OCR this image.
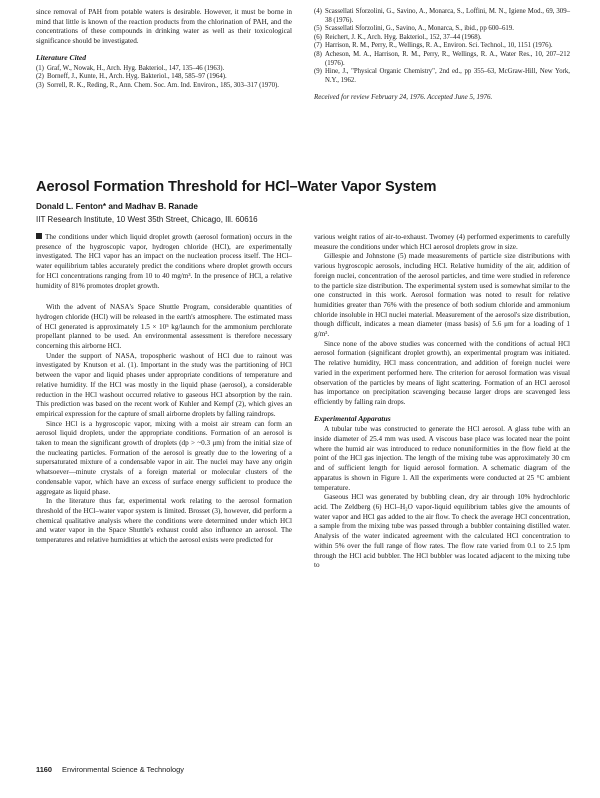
since removal of PAH from potable waters is desirable. However, it must be borne in mind that little is known of the reaction products from the chlorination of PAH, and the concentrations of these compounds in drinking water as well as their toxicological significance should be investigated.

Literature Cited
(1) Graf, W., Nowak, H., Arch. Hyg. Bakteriol., 147, 135–46 (1963).
(2) Borneff, J., Kunte, H., Arch. Hyg. Bakteriol., 148, 585–97 (1964).
(3) Sorrell, R. K., Reding, R., Ann. Chem. Soc. Am. Ind. Environ., 185, 303–317 (1970).
(4) Scassellati Sforzolini, G., Savino, A., Monarca, S., Loffini, M. N., Igiene Mod., 69, 309–38 (1976).
(5) Scassellati Sforzolini, G., Savino, A., Monarca, S., ibid., pp 600–619.
(6) Reichert, J. K., Arch. Hyg. Bakteriol., 152, 37–44 (1968).
(7) Harrison, R. M., Perry, R., Wellings, R. A., Environ. Sci. Technol., 10, 1151 (1976).
(8) Acheson, M. A., Harrison, R. M., Perry, R., Wellings, R. A., Water Res., 10, 207–212 (1976).
(9) Hine, J., "Physical Organic Chemistry", 2nd ed., pp 355–63, McGraw-Hill, New York, N.Y., 1962.
Received for review February 24, 1976. Accepted June 5, 1976.
Aerosol Formation Threshold for HCl–Water Vapor System
Donald L. Fenton* and Madhav B. Ranade
IIT Research Institute, 10 West 35th Street, Chicago, Ill. 60616

The conditions under which liquid droplet growth (aerosol formation) occurs in the presence of the hygroscopic vapor, hydrogen chloride (HCl), are experimentally investigated. The HCl vapor has an impact on the nucleation process itself. The HCl–water equilibrium tables accurately predict the conditions where droplet growth occurs for HCl concentrations ranging from 10 to 40 mg/m³. In the presence of HCl, a relative humidity of 81% promotes droplet growth.

With the advent of NASA's Space Shuttle Program, considerable quantities of hydrogen chloride (HCl) will be released in the earth's atmosphere. The estimated mass of HCl generated is approximately 1.5 × 10⁵ kg/launch for the ammonium perchlorate propellant planned to be used. An environmental assessment is therefore necessary concerning this airborne HCl.

Under the support of NASA, tropospheric washout of HCl due to rainout was investigated by Knutson et al. (1). Important in the study was the partitioning of HCl between the vapor and liquid phases under appropriate conditions of temperature and relative humidity. If the HCl was mostly in the liquid phase (aerosol), a considerable reduction in the HCl washout occurred relative to gaseous HCl absorption by the rain. This prediction was based on the recent work of Kuhler and Kempf (2), which gives an empirical expression for the capture of small airborne droplets by falling raindrops.

Since HCl is a hygroscopic vapor, mixing with a moist air stream can form an aerosol liquid droplets, under the appropriate conditions. Formation of an aerosol is taken to mean the significant growth of droplets (dp > ~0.3 μm) from the initial size of the nucleating particles. Formation of the aerosol is greatly due to the lowering of a supersaturated mixture of a condensable vapor in air. The nuclei may have any origin whatsoever—minute crystals of a foreign material or molecular clusters of the condensable vapor, which have an excess of surface energy sufficient to produce the aggregate as liquid phase.

In the literature thus far, experimental work relating to the aerosol formation threshold of the HCl–water vapor system is limited. Brosset (3), however, did perform a chemical qualitative analysis where the conditions were determined under which HCl and water vapor in the Space Shuttle's exhaust could also influence an aerosol. The temperatures and relative humidities at which the aerosol exists were predicted for

various weight ratios of air-to-exhaust. Twomey (4) performed experiments to carefully measure the conditions under which HCl aerosol droplets grow in size.

Gillespie and Johnstone (5) made measurements of particle size distributions with various hygroscopic aerosols, including HCl. Relative humidity of the air, addition of foreign nuclei, concentration of the aerosol particles, and time were studied in reference to the particle size distribution. The experimental system used is somewhat similar to the one constructed in this work. Aerosol formation was noted to result for relative humidities greater than 76% with the presence of both sodium chloride and ammonium chloride insoluble in HCl nuclei material. Measurement of the aerosol's size distribution, though difficult, indicates a mean diameter (mass basis) of 5.6 μm for a loading of 1 g/m³.

Since none of the above studies was concerned with the conditions of actual HCl aerosol formation (significant droplet growth), an experimental program was initiated. The relative humidity, HCl mass concentration, and addition of foreign nuclei were varied in the experiment performed here. The criterion for aerosol formation was visual observation of the particles by means of light scattering. Formation of an HCl aerosol has importance on precipitation scavenging because larger drops are scavenged less efficiently by falling rain drops.

Experimental Apparatus

A tubular tube was constructed to generate the HCl aerosol. A glass tube with an inside diameter of 25.4 mm was used. A viscous base place was located near the point where the humid air was introduced to reduce nonuniformities in the flow field at the point of the HCl gas injection. The length of the mixing tube was approximately 30 cm and of sufficient length for liquid aerosol formation. A schematic diagram of the apparatus is shown in Figure 1. All the experiments were conducted at 25 °C ambient temperature.

Gaseous HCl was generated by bubbling clean, dry air through 10% hydrochloric acid. The Zeldberg (6) HCl–H₂O vapor-liquid equilibrium tables give the amounts of water vapor and HCl gas added to the air flow. To check the average HCl concentration, a sample from the mixing tube was passed through a bubbler containing distilled water. Analysis of the water indicated agreement with the calculated HCl concentration to within 5% over the full range of flow rates. The flow rate varied from 0.1 to 2.5 lpm through the HCl acid bubbler. The HCl bubbler was located adjacent to the mixing tube to

1160 Environmental Science & Technology
